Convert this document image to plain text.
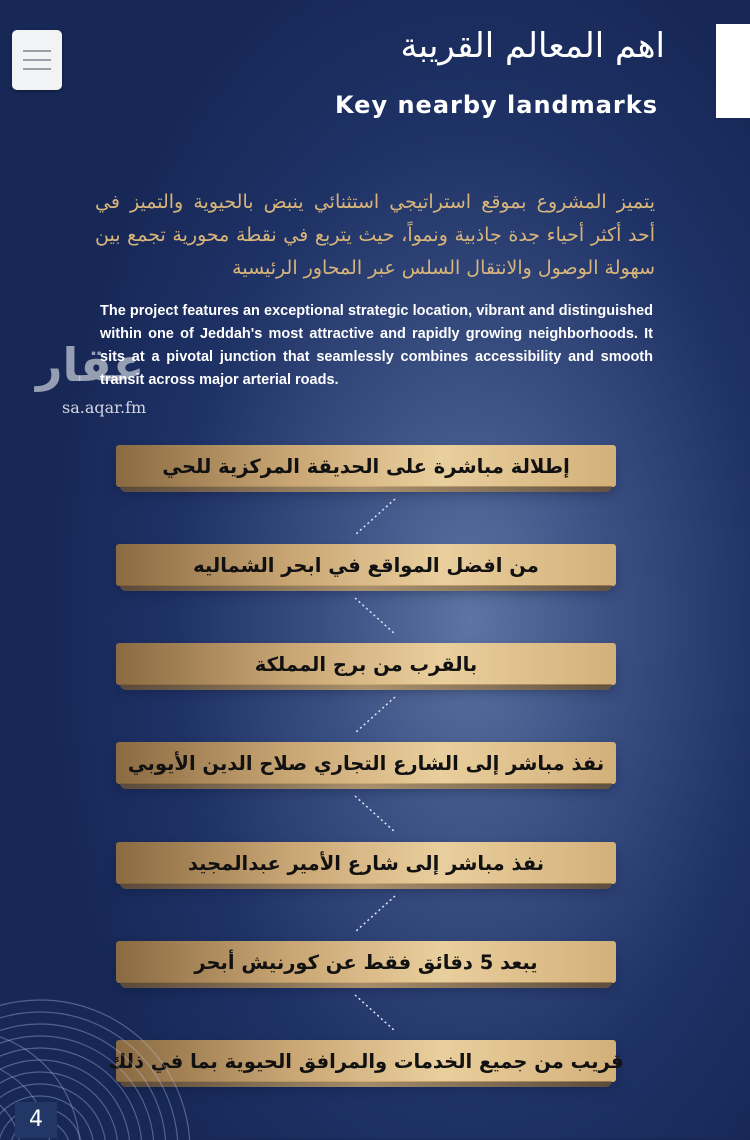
اهم المعالم القريبة
Key nearby landmarks
يتميز المشروع بموقع استراتيجي استثنائي ينبض بالحيوية والتميز في أحد أكثر أحياء جدة جاذبية ونمواً، حيث يتربع في نقطة محورية تجمع بين سهولة الوصول والانتقال السلس عبر المحاور الرئيسية
The project features an exceptional strategic location, vibrant and distinguished within one of Jeddah's most attractive and rapidly growing neighborhoods. It sits at a pivotal junction that seamlessly combines accessibility and smooth transit across major arterial roads.
عقار
sa.aqar.fm
إطلالة مباشرة على الحديقة المركزية للحي
من افضل المواقع في ابحر الشماليه
بالقرب من برج المملكة
نفذ مباشر إلى الشارع التجاري صلاح الدين الأيوبي
نفذ مباشر إلى شارع الأمير عبدالمجيد
يبعد 5 دقائق فقط عن كورنيش أبحر
قريب من جميع الخدمات والمرافق الحيوية بما في ذلك
4
